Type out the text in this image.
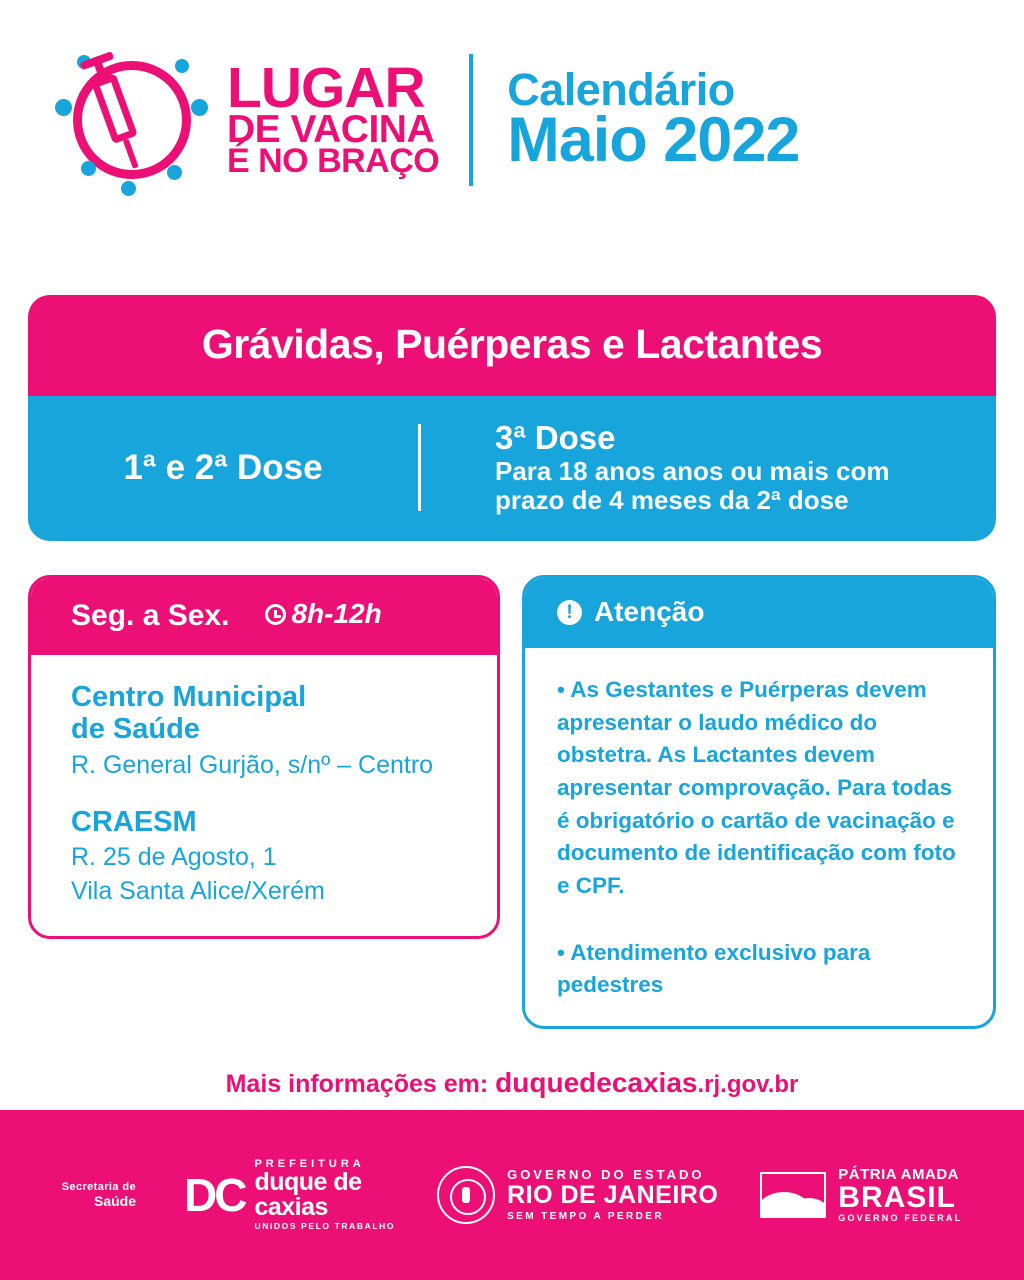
LUGAR
DE VACINA
É NO BRAÇO
Calendário
Maio 2022
Grávidas, Puérperas e Lactantes
1ª e 2ª Dose
3ª Dose
Para 18 anos anos ou mais com
prazo de 4 meses da 2ª dose
Seg. a Sex. 8h-12h
Centro Municipal
de Saúde
R. General Gurjão, s/nº – Centro
CRAESM
R. 25 de Agosto, 1
Vila Santa Alice/Xerém
! Atenção
• As Gestantes e Puérperas devem apresentar o laudo médico do obstetra. As Lactantes devem apresentar comprovação. Para todas é obrigatório o cartão de vacinação e documento de identificação com foto e CPF.
• Atendimento exclusivo para pedestres
Mais informações em: duquedecaxias.rj.gov.br
Secretaria de
Saúde DC
PREFEITURA
duque de
caxias
UNIDOS PELO TRABALHO
GOVERNO DO ESTADO
RIO DE JANEIRO
SEM TEMPO A PERDER
PÁTRIA AMADA
BRASIL
GOVERNO FEDERAL
